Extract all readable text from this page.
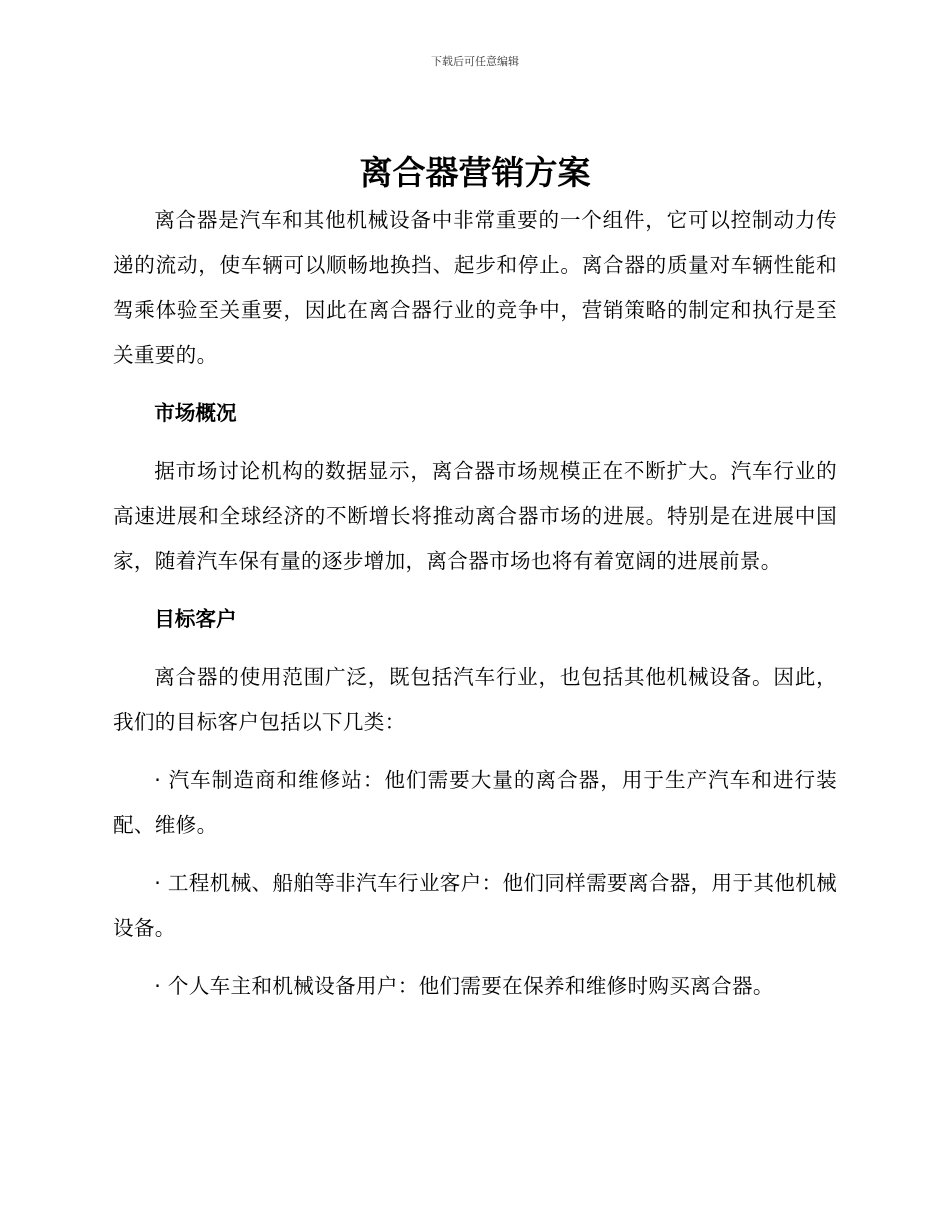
下载后可任意编辑
离合器营销方案

离合器是汽车和其他机械设备中非常重要的一个组件，它可以控制动力传递的流动，使车辆可以顺畅地换挡、起步和停止。离合器的质量对车辆性能和驾乘体验至关重要，因此在离合器行业的竞争中，营销策略的制定和执行是至关重要的。

市场概况

据市场讨论机构的数据显示，离合器市场规模正在不断扩大。汽车行业的高速进展和全球经济的不断增长将推动离合器市场的进展。特别是在进展中国家，随着汽车保有量的逐步增加，离合器市场也将有着宽阔的进展前景。

目标客户

离合器的使用范围广泛，既包括汽车行业，也包括其他机械设备。因此，我们的目标客户包括以下几类：

· 汽车制造商和维修站：他们需要大量的离合器，用于生产汽车和进行装配、维修。

· 工程机械、船舶等非汽车行业客户：他们同样需要离合器，用于其他机械设备。

· 个人车主和机械设备用户：他们需要在保养和维修时购买离合器。
